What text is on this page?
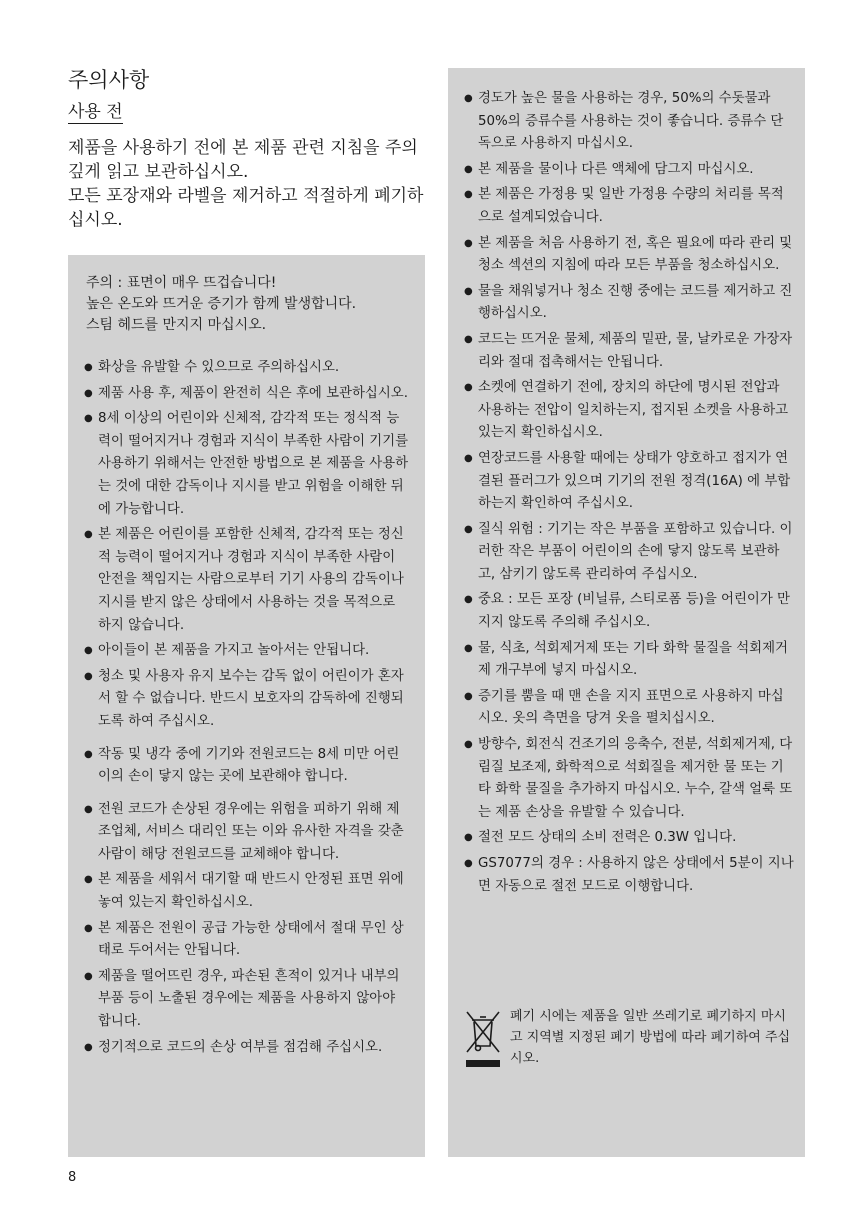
주의사항
사용 전

제품을 사용하기 전에 본 제품 관련 지침을 주의 깊게 읽고 보관하십시오.

모든 포장재와 라벨을 제거하고 적절하게 폐기하십시오.

주의 : 표면이 매우 뜨겁습니다!
높은 온도와 뜨거운 증기가 함께 발생합니다.
스팀 헤드를 만지지 마십시오.
● 화상을 유발할 수 있으므로 주의하십시오.
● 제품 사용 후, 제품이 완전히 식은 후에 보관하십시오.
● 8세 이상의 어린이와 신체적, 감각적 또는 정식적 능력이 떨어지거나 경험과 지식이 부족한 사람이 기기를 사용하기 위해서는 안전한 방법으로 본 제품을 사용하는 것에 대한 감독이나 지시를 받고 위험을 이해한 뒤에 가능합니다.
● 본 제품은 어린이를 포함한 신체적, 감각적 또는 정신적 능력이 떨어지거나 경험과 지식이 부족한 사람이 안전을 책임지는 사람으로부터 기기 사용의 감독이나 지시를 받지 않은 상태에서 사용하는 것을 목적으로 하지 않습니다.
● 아이들이 본 제품을 가지고 놀아서는 안됩니다.
● 청소 및 사용자 유지 보수는 감독 없이 어린이가 혼자서 할 수 없습니다. 반드시 보호자의 감독하에 진행되도록 하여 주십시오.
● 작동 및 냉각 중에 기기와 전원코드는 8세 미만 어린이의 손이 닿지 않는 곳에 보관해야 합니다.
● 전원 코드가 손상된 경우에는 위험을 피하기 위해 제조업체, 서비스 대리인 또는 이와 유사한 자격을 갖춘 사람이 해당 전원코드를 교체해야 합니다.
● 본 제품을 세워서 대기할 때 반드시 안정된 표면 위에 놓여 있는지 확인하십시오.
● 본 제품은 전원이 공급 가능한 상태에서 절대 무인 상태로 두어서는 안됩니다.
● 제품을 떨어뜨린 경우, 파손된 흔적이 있거나 내부의 부품 등이 노출된 경우에는 제품을 사용하지 않아야 합니다.
● 정기적으로 코드의 손상 여부를 점검해 주십시오.
● 경도가 높은 물을 사용하는 경우, 50%의 수돗물과 50%의 증류수를 사용하는 것이 좋습니다. 증류수 단독으로 사용하지 마십시오.
● 본 제품을 물이나 다른 액체에 담그지 마십시오.
● 본 제품은 가정용 및 일반 가정용 수량의 처리를 목적으로 설계되었습니다.
● 본 제품을 처음 사용하기 전, 혹은 필요에 따라 관리 및 청소 섹션의 지침에 따라 모든 부품을 청소하십시오.
● 물을 채워넣거나 청소 진행 중에는 코드를 제거하고 진행하십시오.
● 코드는 뜨거운 물체, 제품의 밑판, 물, 날카로운 가장자리와 절대 접촉해서는 안됩니다.
● 소켓에 연결하기 전에, 장치의 하단에 명시된 전압과 사용하는 전압이 일치하는지, 접지된 소켓을 사용하고 있는지 확인하십시오.
● 연장코드를 사용할 때에는 상태가 양호하고 접지가 연결된 플러그가 있으며 기기의 전원 정격(16A) 에 부합하는지 확인하여 주십시오.
● 질식 위험 : 기기는 작은 부품을 포함하고 있습니다. 이러한 작은 부품이 어린이의 손에 닿지 않도록 보관하고, 삼키기 않도록 관리하여 주십시오.
● 중요 : 모든 포장 (비닐류, 스티로폼 등)을 어린이가 만지지 않도록 주의해 주십시오.
● 물, 식초, 석회제거제 또는 기타 화학 물질을 석회제거제 개구부에 넣지 마십시오.
● 증기를 뿜을 때 맨 손을 지지 표면으로 사용하지 마십시오. 옷의 측면을 당겨 옷을 펼치십시오.
● 방향수, 회전식 건조기의 응축수, 전분, 석회제거제, 다림질 보조제, 화학적으로 석회질을 제거한 물 또는 기타 화학 물질을 추가하지 마십시오. 누수, 갈색 얼룩 또는 제품 손상을 유발할 수 있습니다.
● 절전 모드 상태의 소비 전력은 0.3W 입니다.
● GS7077의 경우 : 사용하지 않은 상태에서 5분이 지나면 자동으로 절전 모드로 이행합니다.
폐기 시에는 제품을 일반 쓰레기로 폐기하지 마시고 지역별 지정된 폐기 방법에 따라 폐기하여 주십시오.
8
